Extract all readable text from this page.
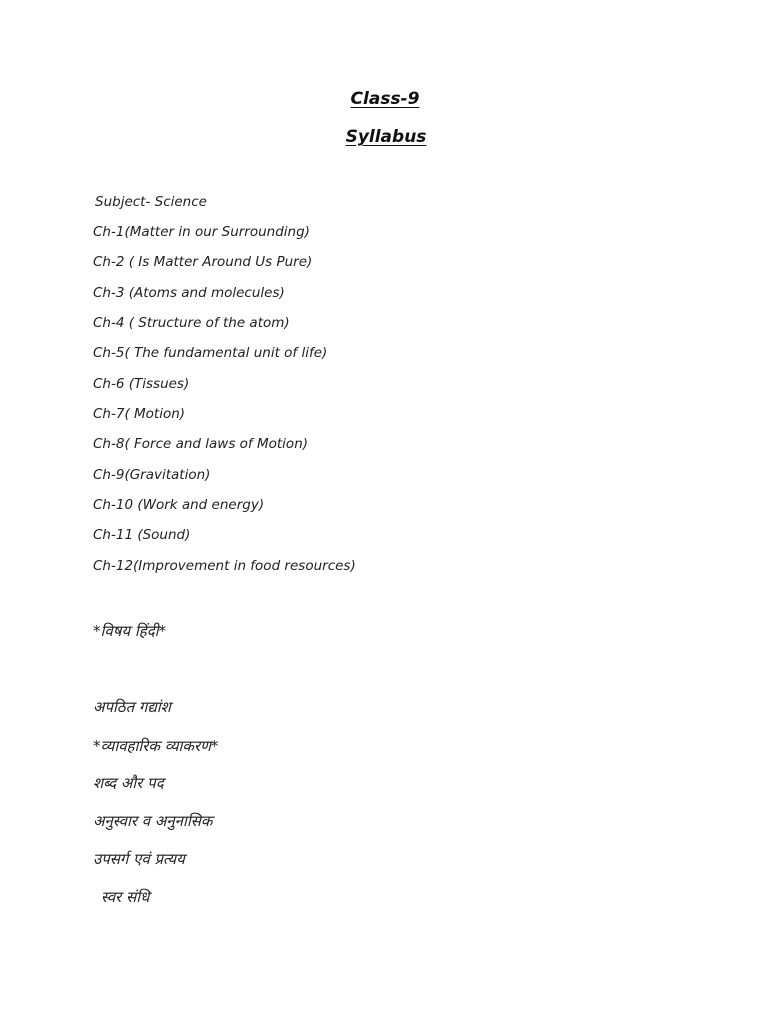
Class-9
Syllabus
Subject- Science
Ch-1(Matter in our Surrounding)
Ch-2 ( Is Matter Around Us Pure)
Ch-3 (Atoms and molecules)
Ch-4 ( Structure of the atom)
Ch-5( The fundamental unit of life)
Ch-6 (Tissues)
Ch-7( Motion)
Ch-8( Force and laws of Motion)
Ch-9(Gravitation)
Ch-10 (Work and energy)
Ch-11 (Sound)
Ch-12(Improvement in food resources)
*विषय हिंदी*
अपठित गद्यांश
*व्यावहारिक व्याकरण*
शब्द और पद
अनुस्वार व अनुनासिक
उपसर्ग एवं प्रत्यय
स्वर संधि
